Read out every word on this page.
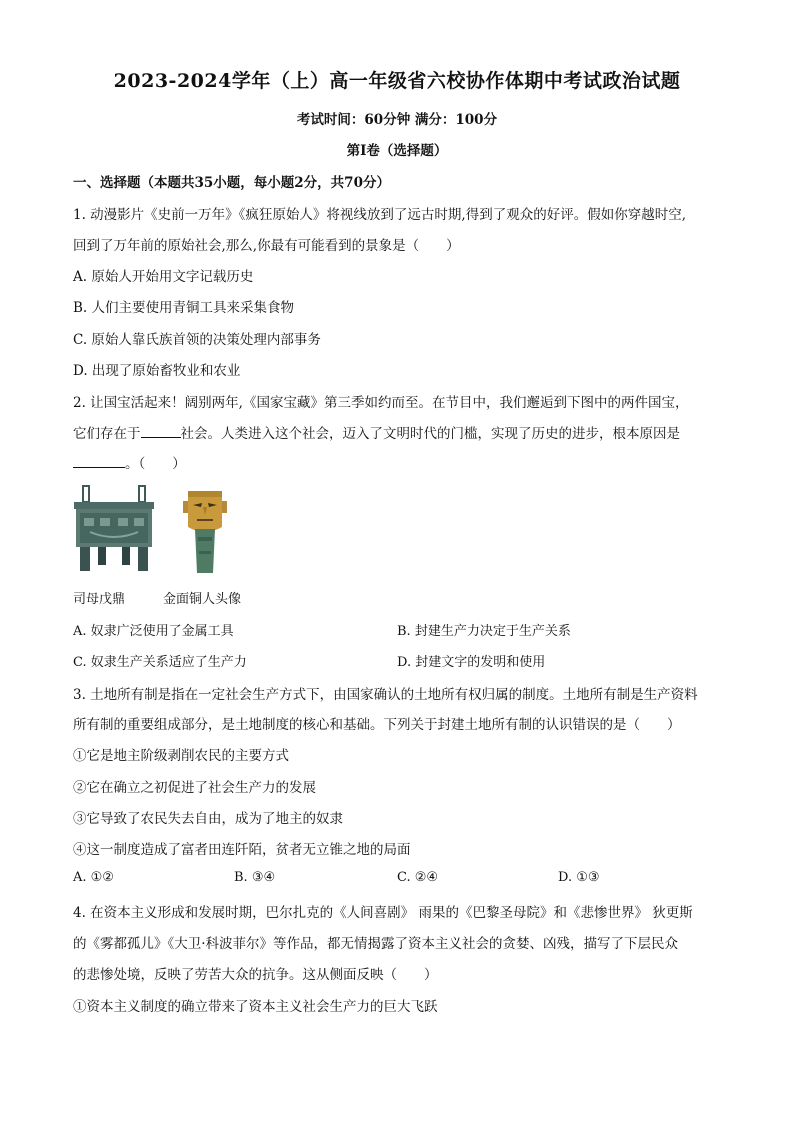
2023-2024学年（上）高一年级省六校协作体期中考试政治试题
考试时间：60分钟 满分：100分
第Ⅰ卷（选择题）
一、选择题（本题共35小题，每小题2分，共70分）
1. 动漫影片《史前一万年》《疯狂原始人》将视线放到了远古时期,得到了观众的好评。假如你穿越时空,
回到了万年前的原始社会,那么,你最有可能看到的景象是（　　）
A. 原始人开始用文字记载历史
B. 人们主要使用青铜工具来采集食物
C. 原始人靠氏族首领的决策处理内部事务
D. 出现了原始畜牧业和农业
2. 让国宝活起来！阔别两年,《国家宝藏》第三季如约而至。在节目中，我们邂逅到下图中的两件国宝，
它们存在于	社会。人类进入这个社会，迈入了文明时代的门槛，实现了历史的进步，根本原因是
。（　　）
司母戊鼎	金面铜人头像
A. 奴隶广泛使用了金属工具	B. 封建生产力决定于生产关系
C. 奴隶生产关系适应了生产力	D. 封建文字的发明和使用
3. 土地所有制是指在一定社会生产方式下，由国家确认的土地所有权归属的制度。土地所有制是生产资料
所有制的重要组成部分，是土地制度的核心和基础。下列关于封建土地所有制的认识错误的是（　　）
①它是地主阶级剥削农民的主要方式
②它在确立之初促进了社会生产力的发展
③它导致了农民失去自由，成为了地主的奴隶
④这一制度造成了富者田连阡陌，贫者无立锥之地的局面
A. ①②	B. ③④	C. ②④	D. ①③
4. 在资本主义形成和发展时期，巴尔扎克的《人间喜剧》 雨果的《巴黎圣母院》和《悲惨世界》 狄更斯
的《雾都孤儿》《大卫·科波菲尔》等作品，都无情揭露了资本主义社会的贪婪、凶残，描写了下层民众
的悲惨处境，反映了劳苦大众的抗争。这从侧面反映（　　）
①资本主义制度的确立带来了资本主义社会生产力的巨大飞跃
